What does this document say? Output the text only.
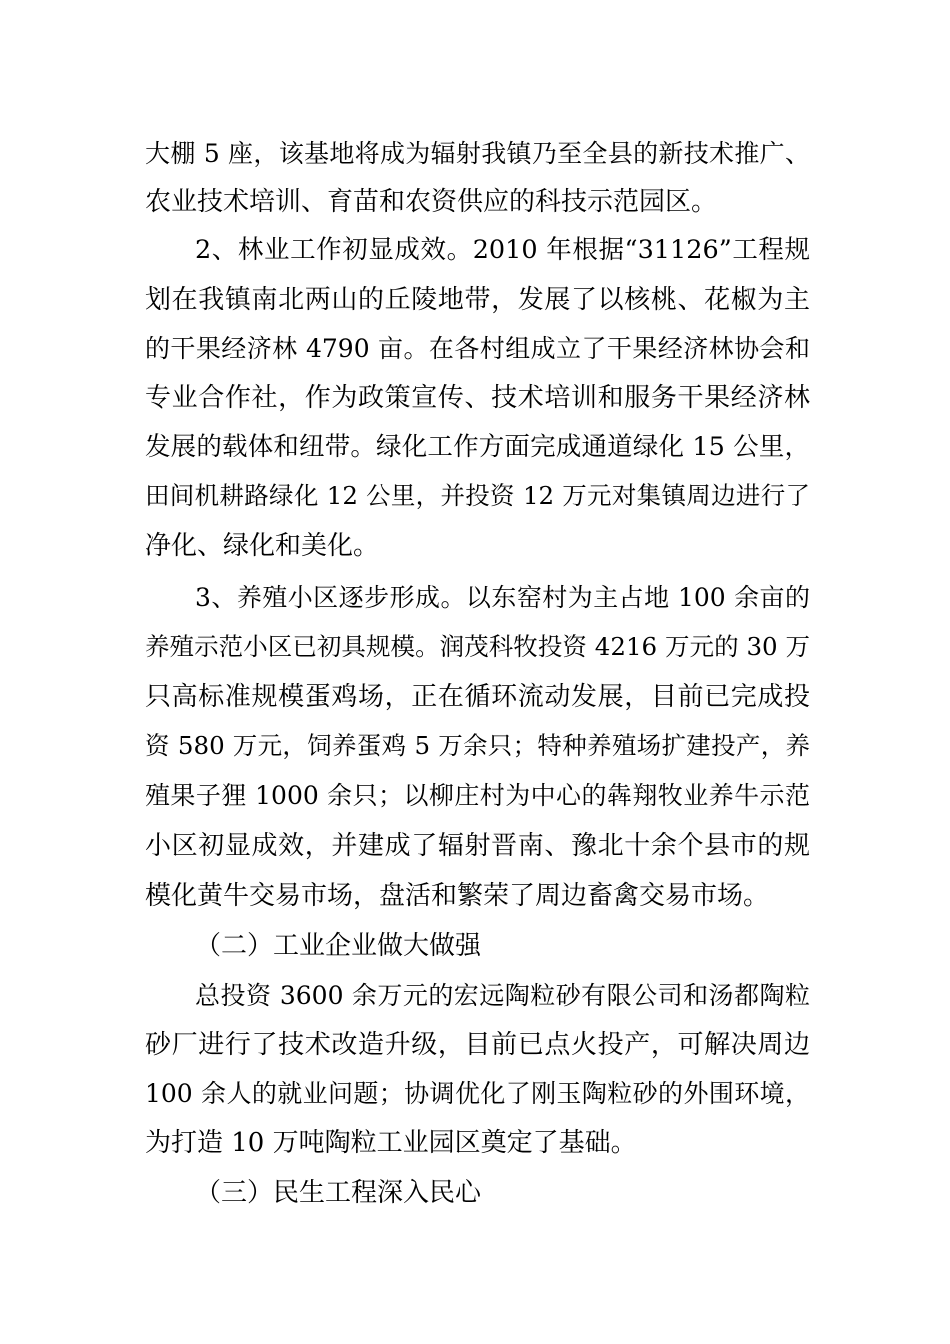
大棚 5 座，该基地将成为辐射我镇乃至全县的新技术推广、

农业技术培训、育苗和农资供应的科技示范园区。

2、林业工作初显成效。2010 年根据“31126”工程规

划在我镇南北两山的丘陵地带，发展了以核桃、花椒为主

的干果经济林 4790 亩。在各村组成立了干果经济林协会和

专业合作社，作为政策宣传、技术培训和服务干果经济林

发展的载体和纽带。绿化工作方面完成通道绿化 15 公里，

田间机耕路绿化 12 公里，并投资 12 万元对集镇周边进行了

净化、绿化和美化。

3、养殖小区逐步形成。以东窑村为主占地 100 余亩的

养殖示范小区已初具规模。润茂科牧投资 4216 万元的 30 万

只高标准规模蛋鸡场，正在循环流动发展，目前已完成投

资 580 万元，饲养蛋鸡 5 万余只；特种养殖场扩建投产，养

殖果子狸 1000 余只；以柳庄村为中心的犇翔牧业养牛示范

小区初显成效，并建成了辐射晋南、豫北十余个县市的规

模化黄牛交易市场，盘活和繁荣了周边畜禽交易市场。

（二）工业企业做大做强

总投资 3600 余万元的宏远陶粒砂有限公司和汤都陶粒

砂厂进行了技术改造升级，目前已点火投产，可解决周边

100 余人的就业问题；协调优化了刚玉陶粒砂的外围环境，

为打造 10 万吨陶粒工业园区奠定了基础。

（三）民生工程深入民心
